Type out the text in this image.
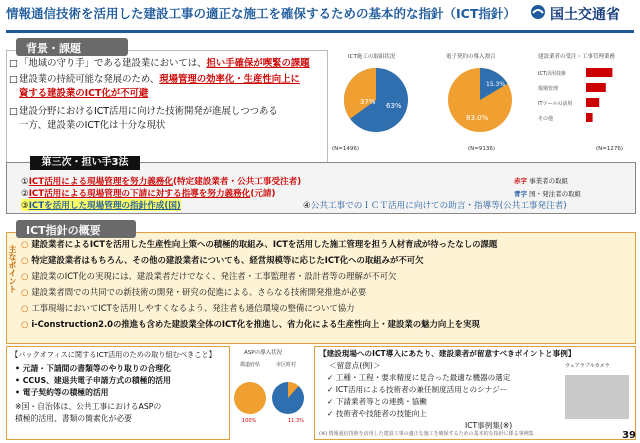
情報通信技術を活用した建設工事の適正な施工を確保するための基本的な指針（ICT指針） 国土交通省
□ 「地域の守り手」である建設業においては、担い手確保が喫緊の課題
□ 建設業の持続可能な発展のため、現場管理の効率化・生産性向上に
資する建設業のICT化が不可避
□ 建設分野におけるICT活用に向けた技術開発が進展しつつある
一方、建設業のICT化は十分な現状
背景・課題
ICT施工の取組状況
37% 63%
(N=1496)
電子契約の導入割合
15.3%
83.0%
(N=9136)
建設業者の受注・工事管理業務
ICT活用技術
現場管理
ITツールの活用
その他
(N=1276)
①ICT活用による現場管理を努力義務化(特定建設業者・公共工事受注者)
②ICT活用による現場管理の下請に対する指導を努力義務化(元請)
③ICTを活用した現場管理の指針作成(国)	④公共工事でのＩＣＴ活用に向けての助言・指導等(公共工事発注者)
第三次・担い手3法
赤字 事業者の取組
青字 国・発注者の取組
○ 建設業者によるICTを活用した生産性向上策への積極的取組み、ICTを活用した施工管理を担う人材育成が待ったなしの課題
○ 特定建設業者はもちろん、その他の建設業者についても、経営規模等に応じたICT化への取組みが不可欠
○ 建設業のICT化の実現には、建設業者だけでなく、発注者・工事監理者・設計者等の理解が不可欠
○ 建設業者間での共同での新技術の開発・研究の促進による、さらなる技術開発推進が必要
○ 工事現場においてICTを活用しやすくなるよう、発注者も通信環境の整備について協力
○ i-Construction2.0の推進も含めた建設業全体のICT化を推進し、省力化による生産性向上・建設業の魅力向上を実現
主なポイント
ICT指針の概要
【バックオフィスに関するICT活用のための取り組むべきこと】
• 元請・下請間の書類等のやり取りの合理化
• CCUS、建退共電子申請方式の積極的活用
• 電子契約等の積極的活用
※国・自治体は、公共工事におけるASPの
積極的活用、書類の簡素化が必要
ASPの導入状況
都道府県	市区町村
100%	11.3%
【建設現場へのICT導入にあたり、建設業者が留意すべきポイントと事例】
＜留意点(例)＞
✓ 工種・工程・要求精度に見合った最適な機器の選定
✓ ICT活用による技術者の兼任制度活用とのシナジー
✓ 下請業者等との連携・協働
✓ 技術者や技能者の技能向上
ICT事例集(※)
(※) 情報通信技術を活用した建設工事の適正な施工を確保するための基本的な指針に係る事例集
ウェアラブルカメラ
39
